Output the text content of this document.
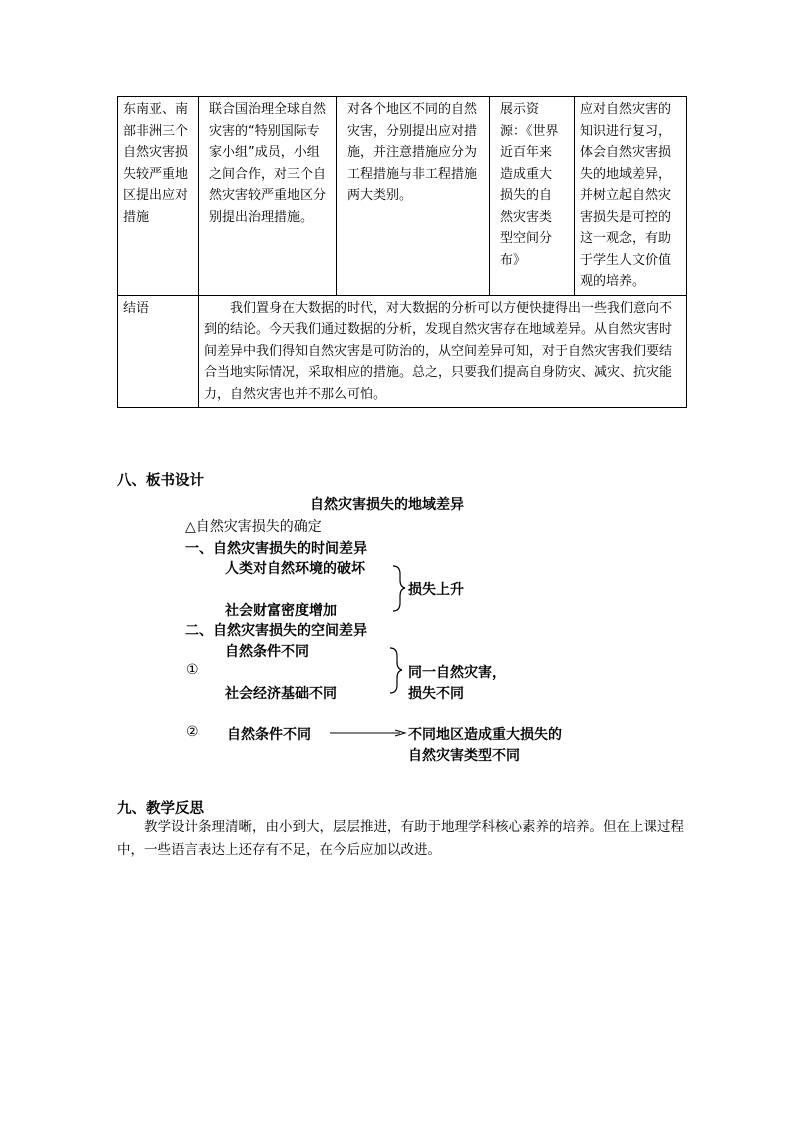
东南亚、南部非洲三个自然灾害损失较严重地区提出应对措施	联合国治理全球自然灾害的“特别国际专家小组”成员，小组之间合作，对三个自然灾害较严重地区分别提出治理措施。	对各个地区不同的自然灾害，分别提出应对措施，并注意措施应分为工程措施与非工程措施两大类别。	展示资源：《世界近百年来造成重大损失的自然灾害类型空间分布》	应对自然灾害的知识进行复习，体会自然灾害损失的地域差异，并树立起自然灾害损失是可控的这一观念，有助于学生人文价值观的培养。
结语	我们置身在大数据的时代，对大数据的分析可以方便快捷得出一些我们意向不到的结论。今天我们通过数据的分析，发现自然灾害存在地域差异。从自然灾害时间差异中我们得知自然灾害是可防治的，从空间差异可知，对于自然灾害我们要结合当地实际情况，采取相应的措施。总之，只要我们提高自身防灾、减灾、抗灾能力，自然灾害也并不那么可怕。			
八、板书设计
自然灾害损失的地域差异
△自然灾害损失的确定
一、自然灾害损失的时间差异
人类对自然环境的破坏
损失上升
社会财富密度增加
二、自然灾害损失的空间差异
自然条件不同
①	同一自然灾害，
社会经济基础不同	损失不同
② 自然条件不同	不同地区造成重大损失的
自然灾害类型不同
九、教学反思
教学设计条理清晰，由小到大，层层推进，有助于地理学科核心素养的培养。但在上课过程中，一些语言表达上还存有不足，在今后应加以改进。
